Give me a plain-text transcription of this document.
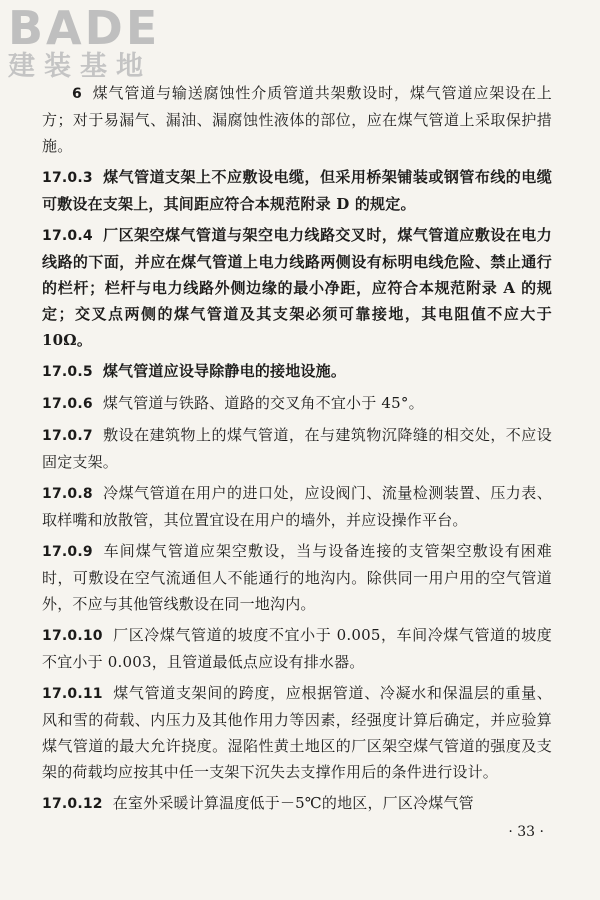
BADE
建装基地

6 煤气管道与输送腐蚀性介质管道共架敷设时，煤气管道应架设在上方；对于易漏气、漏油、漏腐蚀性液体的部位，应在煤气管道上采取保护措施。

17.0.3 煤气管道支架上不应敷设电缆，但采用桥架铺装或钢管布线的电缆可敷设在支架上，其间距应符合本规范附录 D 的规定。

17.0.4 厂区架空煤气管道与架空电力线路交叉时，煤气管道应敷设在电力线路的下面，并应在煤气管道上电力线路两侧设有标明电线危险、禁止通行的栏杆；栏杆与电力线路外侧边缘的最小净距，应符合本规范附录 A 的规定；交叉点两侧的煤气管道及其支架必须可靠接地，其电阻值不应大于 10Ω。

17.0.5 煤气管道应设导除静电的接地设施。

17.0.6 煤气管道与铁路、道路的交叉角不宜小于 45°。

17.0.7 敷设在建筑物上的煤气管道，在与建筑物沉降缝的相交处，不应设固定支架。

17.0.8 冷煤气管道在用户的进口处，应设阀门、流量检测装置、压力表、取样嘴和放散管，其位置宜设在用户的墙外，并应设操作平台。

17.0.9 车间煤气管道应架空敷设，当与设备连接的支管架空敷设有困难时，可敷设在空气流通但人不能通行的地沟内。除供同一用户用的空气管道外，不应与其他管线敷设在同一地沟内。

17.0.10 厂区冷煤气管道的坡度不宜小于 0.005，车间冷煤气管道的坡度不宜小于 0.003，且管道最低点应设有排水器。

17.0.11 煤气管道支架间的跨度，应根据管道、冷凝水和保温层的重量、风和雪的荷载、内压力及其他作用力等因素，经强度计算后确定，并应验算煤气管道的最大允许挠度。湿陷性黄土地区的厂区架空煤气管道的强度及支架的荷载均应按其中任一支架下沉失去支撑作用后的条件进行设计。

17.0.12 在室外采暖计算温度低于－5℃的地区，厂区冷煤气管

· 33 ·
